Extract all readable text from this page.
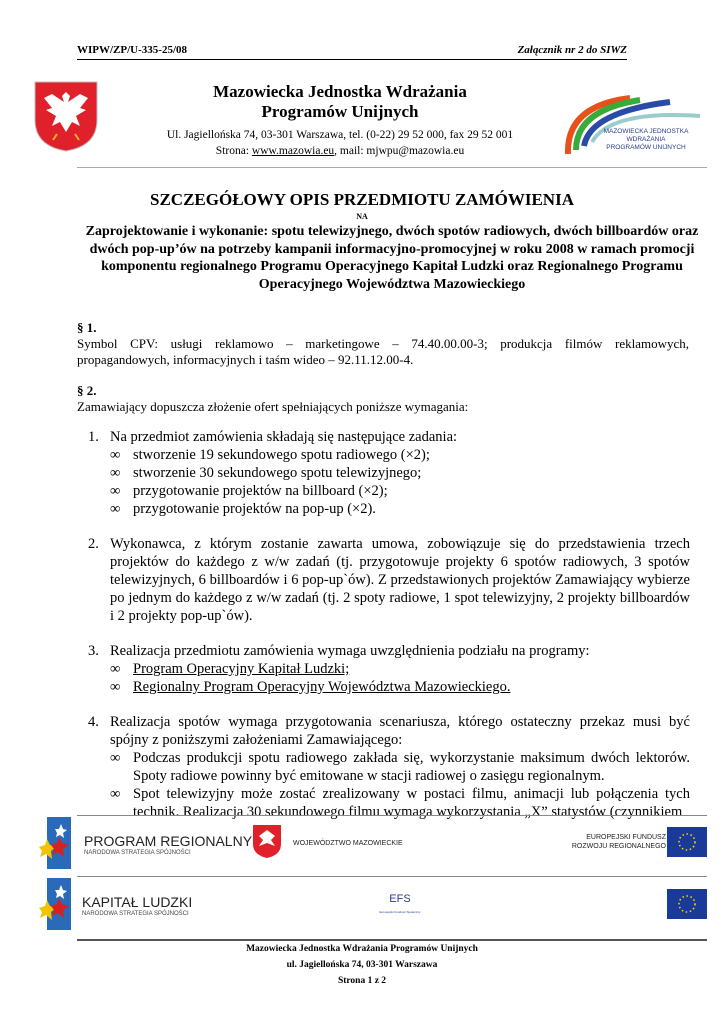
WIPW/ZP/U-335-25/08	Załącznik nr 2 do SIWZ
Mazowiecka Jednostka Wdrażania
Programów Unijnych
Ul. Jagiellońska 74, 03-301 Warszawa, tel. (0-22) 29 52 000, fax 29 52 001
Strona: www.mazowia.eu, mail: mjwpu@mazowia.eu
MAZOWIECKA JEDNOSTKA
WDRAŻANIA
PROGRAMÓW UNIJNYCH
SZCZEGÓŁOWY OPIS PRZEDMIOTU ZAMÓWIENIA
NA
Zaprojektowanie i wykonanie: spotu telewizyjnego, dwóch spotów radiowych, dwóch billboardów oraz dwóch pop-up’ów na potrzeby kampanii informacyjno-promocyjnej w roku 2008 w ramach promocji komponentu regionalnego Programu Operacyjnego Kapitał Ludzki oraz Regionalnego Programu Operacyjnego Województwa Mazowieckiego
§ 1.
Symbol CPV: usługi reklamowo – marketingowe – 74.40.00.00-3; produkcja filmów reklamowych, propagandowych, informacyjnych i taśm wideo – 92.11.12.00-4.
§ 2.
Zamawiający dopuszcza złożenie ofert spełniających poniższe wymagania:
1. Na przedmiot zamówienia składają się następujące zadania:
∞ stworzenie 19 sekundowego spotu radiowego (×2);
∞ stworzenie 30 sekundowego spotu telewizyjnego;
∞ przygotowanie projektów na billboard (×2);
∞ przygotowanie projektów na pop-up (×2).
2. Wykonawca, z którym zostanie zawarta umowa, zobowiązuje się do przedstawienia trzech projektów do każdego z w/w zadań (tj. przygotowuje projekty 6 spotów radiowych, 3 spotów telewizyjnych, 6 billboardów i 6 pop-up`ów). Z przedstawionych projektów Zamawiający wybierze po jednym do każdego z w/w zadań (tj. 2 spoty radiowe, 1 spot telewizyjny, 2 projekty billboardów i 2 projekty pop-up`ów).
3. Realizacja przedmiotu zamówienia wymaga uwzględnienia podziału na programy:
∞ Program Operacyjny Kapitał Ludzki;
∞ Regionalny Program Operacyjny Województwa Mazowieckiego.
4. Realizacja spotów wymaga przygotowania scenariusza, którego ostateczny przekaz musi być spójny z poniższymi założeniami Zamawiającego:
∞ Podczas produkcji spotu radiowego zakłada się, wykorzystanie maksimum dwóch lektorów. Spoty radiowe powinny być emitowane w stacji radiowej o zasięgu regionalnym.
∞ Spot telewizyjny może zostać zrealizowany w postaci filmu, animacji lub połączenia tych technik. Realizacja 30 sekundowego filmu wymaga wykorzystania „X” statystów (czynnikiem
PROGRAM REGIONALNY
NARODOWA STRATEGIA SPÓJNOŚCI
WOJEWÓDZTWO MAZOWIECKIE
EUROPEJSKI FUNDUSZ
ROZWOJU REGIONALNEGO
KAPITAŁ LUDZKI
NARODOWA STRATEGIA SPÓJNOŚCI
EFS
Europejski Fundusz Społeczny
Mazowiecka Jednostka Wdrażania Programów Unijnych
ul. Jagiellońska 74, 03-301 Warszawa
Strona 1 z 2
